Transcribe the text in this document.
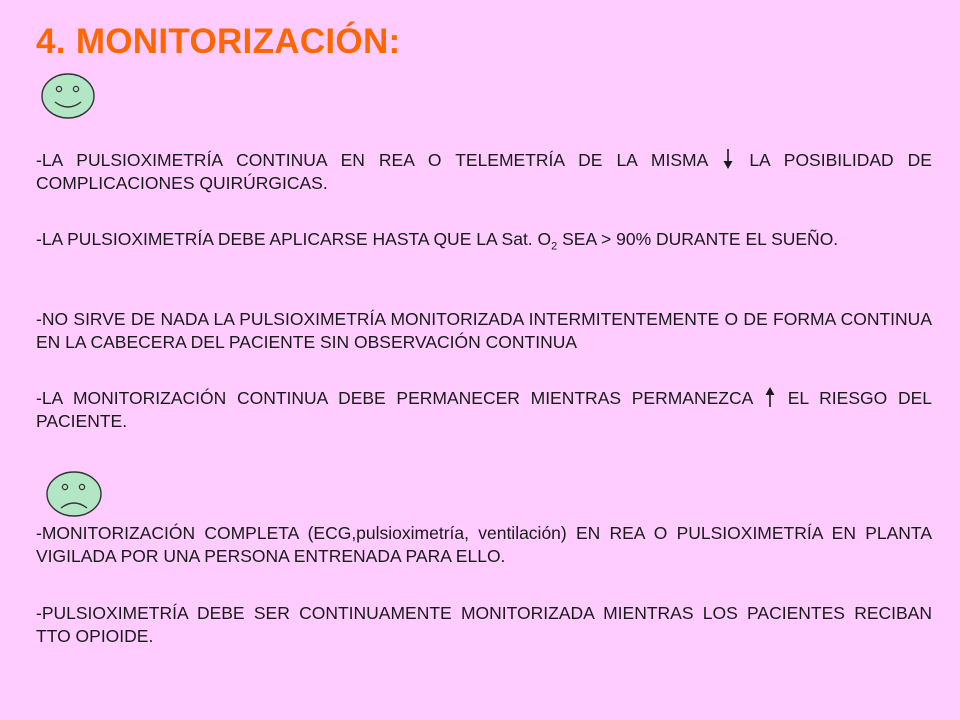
4. MONITORIZACIÓN:

-LA PULSIOXIMETRÍA CONTINUA EN REA O TELEMETRÍA DE LA MISMA LA POSIBILIDAD DE COMPLICACIONES QUIRÚRGICAS.

-LA PULSIOXIMETRÍA DEBE APLICARSE HASTA QUE LA Sat. $O_2$ SEA > 90% DURANTE EL SUEÑO.

-NO SIRVE DE NADA LA PULSIOXIMETRÍA MONITORIZADA INTERMITENTEMENTE O DE FORMA CONTINUA EN LA CABECERA DEL PACIENTE SIN OBSERVACIÓN CONTINUA

-LA MONITORIZACIÓN CONTINUA DEBE PERMANECER MIENTRAS PERMANEZCA EL RIESGO DEL PACIENTE.

-MONITORIZACIÓN COMPLETA (ECG,pulsioximetría, ventilación) EN REA O PULSIOXIMETRÍA EN PLANTA VIGILADA POR UNA PERSONA ENTRENADA PARA ELLO.

-PULSIOXIMETRÍA DEBE SER CONTINUAMENTE MONITORIZADA MIENTRAS LOS PACIENTES RECIBAN TTO OPIOIDE.
